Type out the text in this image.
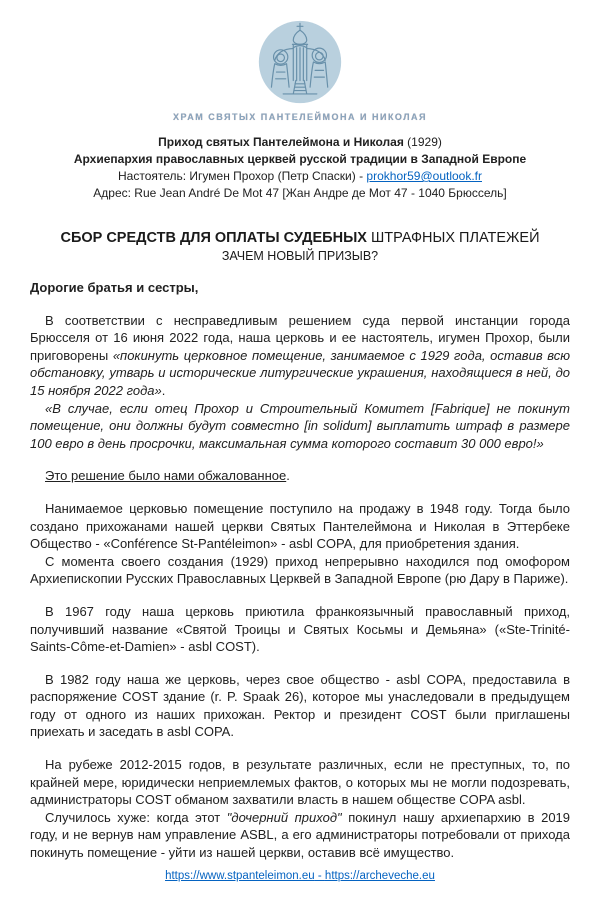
ХРАМ СВЯТЫХ ПАНТЕЛЕЙМОНА И НИКОЛАЯ
Приход святых Пантелеймона и Николая (1929)
Архиепархия православных церквей русской традиции в Западной Европе
Настоятель: Игумен Прохор (Петр Спаски) - prokhor59@outlook.fr
Адрес: Rue Jean André De Mot 47 [Жан Андре де Мот 47 - 1040 Брюссель]
СБОР СРЕДСТВ ДЛЯ ОПЛАТЫ СУДЕБНЫХ ШТРАФНЫХ ПЛАТЕЖЕЙ
ЗАЧЕМ НОВЫЙ ПРИЗЫВ?

Дорогие братья и сестры,

В соответствии с несправедливым решением суда первой инстанции города Брюсселя от 16 июня 2022 года, наша церковь и ее настоятель, игумен Прохор, были приговорены «покинуть церковное помещение, занимаемое с 1929 года, оставив всю обстановку, утварь и исторические литургические украшения, находящиеся в ней, до 15 ноября 2022 года».

«В случае, если отец Прохор и Строительный Комитет [Fabrique] не покинут помещение, они должны будут совместно [in solidum] выплатить штраф в размере 100 евро в день просрочки, максимальная сумма которого составит 30 000 евро!»

Это решение было нами обжалованное.

Нанимаемое церковью помещение поступило на продажу в 1948 году. Тогда было создано прихожанами нашей церкви Святых Пантелеймона и Николая в Эттербеке Общество - «Conférence St-Pantéleimon» - asbl COPA, для приобретения здания.

С момента своего создания (1929) приход непрерывно находился под омофором Архиепископии Русских Православных Церквей в Западной Европе (рю Дару в Париже).

В 1967 году наша церковь приютила франкоязычный православный приход, получивший название «Святой Троицы и Святых Косьмы и Демьяна» («Ste-Trinité-Saints-Côme-et-Damien» - asbl COST).

В 1982 году наша же церковь, через свое общество - asbl COPA, предоставила в распоряжение COST здание (r. P. Spaak 26), которое мы унаследовали в предыдущем году от одного из наших прихожан. Ректор и президент COST были приглашены приехать и заседать в asbl COPA.

На рубеже 2012-2015 годов, в результате различных, если не преступных, то, по крайней мере, юридически неприемлемых фактов, о которых мы не могли подозревать, администраторы COST обманом захватили власть в нашем обществе COPA asbl.

Случилось хуже: когда этот "дочерний приход" покинул нашу архиепархию в 2019 году, и не вернув нам управление ASBL, а его администраторы потребовали от прихода покинуть помещение - уйти из нашей церкви, оставив всё имущество.

https://www.stpanteleimon.eu - https://archeveche.eu
